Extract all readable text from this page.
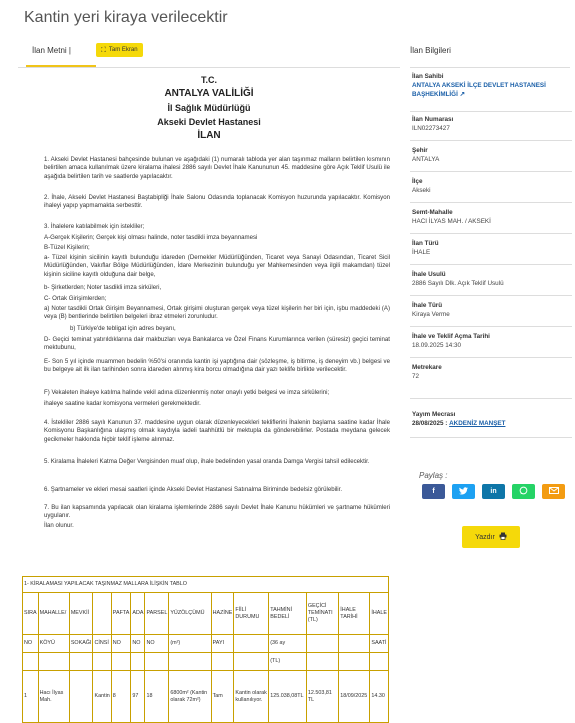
Kantin yeri kiraya verilecektir
İlan Metni |	⛶ Tam Ekran
T.C.
ANTALYA VALİLİĞİ
İl Sağlık Müdürlüğü
Akseki Devlet Hastanesi
İLAN
1. Akseki Devlet Hastanesi bahçesinde bulunan ve aşağıdaki (1) numaralı tabloda yer alan taşınmaz malların belirtilen kısmının belirtilen amaca kullanılmak üzere kiralama ihalesi 2886 sayılı Devlet İhale Kanununun 45. maddesine göre Açık Teklif Usulü ile aşağıda belirtilen tarih ve saatlerde yapılacaktır.
2. İhale, Akseki Devlet Hastanesi Baştabipliği İhale Salonu Odasında toplanacak Komisyon huzurunda yapılacaktır. Komisyon ihaleyi yapıp yapmamakta serbesttir.
3. İhalelere katılabilmek için istekliler;
A-Gerçek Kişilerin; Gerçek kişi olması halinde, noter tasdikli imza beyannamesi
B-Tüzel Kişilerin;
a- Tüzel kişinin sicilinin kayıtlı bulunduğu idareden (Dernekler Müdürlüğünden, Ticaret veya Sanayi Odasından, Ticaret Sicil Müdürlüğünden, Vakıflar Bölge Müdürlüğünden, İdare Merkezinin bulunduğu yer Mahkemesinden veya ilgili makamdan) tüzel kişinin siciline kayıtlı olduğuna dair belge,
b- Şirketlerden; Noter tasdikli imza sirküleri,
C- Ortak Girişimlerden;
a) Noter tasdikli Ortak Girişim Beyannamesi, Ortak girişimi oluşturan gerçek veya tüzel kişilerin her biri için, işbu maddedeki (A) veya (B) bentlerinde belirtilen belgeleri ibraz etmeleri zorunludur.
b) Türkiye'de tebligat için adres beyanı,
D- Geçici teminat yatırıldıklarına dair makbuzları veya Bankalarca ve Özel Finans Kurumlarınca verilen (süresiz) geçici teminat mektubunu,
E- Son 5 yıl içinde muammen bedelin %50'si oranında kantin işi yaptığına dair (sözleşme, iş bitirme, iş deneyim vb.) belgesi ve bu belgeye ait ilk ilan tarihinden sonra idareden alınmış kira borcu olmadığına dair yazı teklife birlikte verilecektir.
F) Vekaleten ihaleye katılma halinde vekil adına düzenlenmiş noter onaylı yetki belgesi ve imza sirkülerini;
ihaleye saatine kadar komisyona vermeleri gerekmektedir.
4. İstekliler 2886 sayılı Kanunun 37. maddesine uygun olarak düzenleyecekleri tekliflerini İhalenin başlama saatine kadar İhale Komisyonu Başkanlığına ulaşmış olmak kaydıyla iadeli taahhütlü bir mektupla da gönderebilirler. Postada meydana gelecek gecikmeler hakkında hiçbir teklif işleme alınmaz.
5. Kiralama İhaleleri Katma Değer Vergisinden muaf olup, ihale bedelinden yasal oranda Damga Vergisi tahsil edilecektir.
6. Şartnameler ve ekleri mesai saatleri içinde Akseki Devlet Hastanesi Satınalma Biriminde bedelsiz görülebilir.
7. Bu ilan kapsamında yapılacak olan kiralama işlemlerinde 2886 sayılı Devlet İhale Kanunu hükümleri ve şartname hükümleri uygulanır.
İlan olunur.
1- KİRALAMASI YAPILACAK TAŞINMAZ MALLARA İLİŞKİN TABLO													
SIRA	MAHALLE/	MEVKİİ		PAFTA	ADA	PARSEL	YÜZÖLÇÜMÜ	HAZİNE	FİİLİ DURUMU	TAHMİNİ BEDELİ	GEÇİCİ TEMİNATI (TL)	İHALE TARİHİ	İHALE
NO	KÖYÜ	SOKAĞI	CİNSİ	NO	NO	NO	(m²)	PAYI		(36 ay			SAATİ
										(TL)			
1	Hacı İlyas Mah.		Kantin	8	97	18	6800m² (Kantin olarak 72m²)	Tam	Kantin olarak kullanılıyor.	125.038,08TL	12.503,81 TL	18/09/2025	14.30
İlan Bilgileri
İlan Sahibi
ANTALYA AKSEKİ İLÇE DEVLET HASTANESİ BAŞHEKİMLİĞİ ↗
İlan Numarası
ILN02273427
Şehir
ANTALYA
İlçe
Akseki
Semt-Mahalle
HACI İLYAS MAH. / AKSEKİ
İlan Türü
İHALE
İhale Usulü
2886 Sayılı Dlk. Açık Teklif Usulü
İhale Türü
Kiraya Verme
İhale ve Teklif Açma Tarihi
18.09.2025 14:30
Metrekare
72
Yayım Mecrası
28/08/2025 : AKDENİZ MANŞET
Paylaş :
f	in
Yazdır
